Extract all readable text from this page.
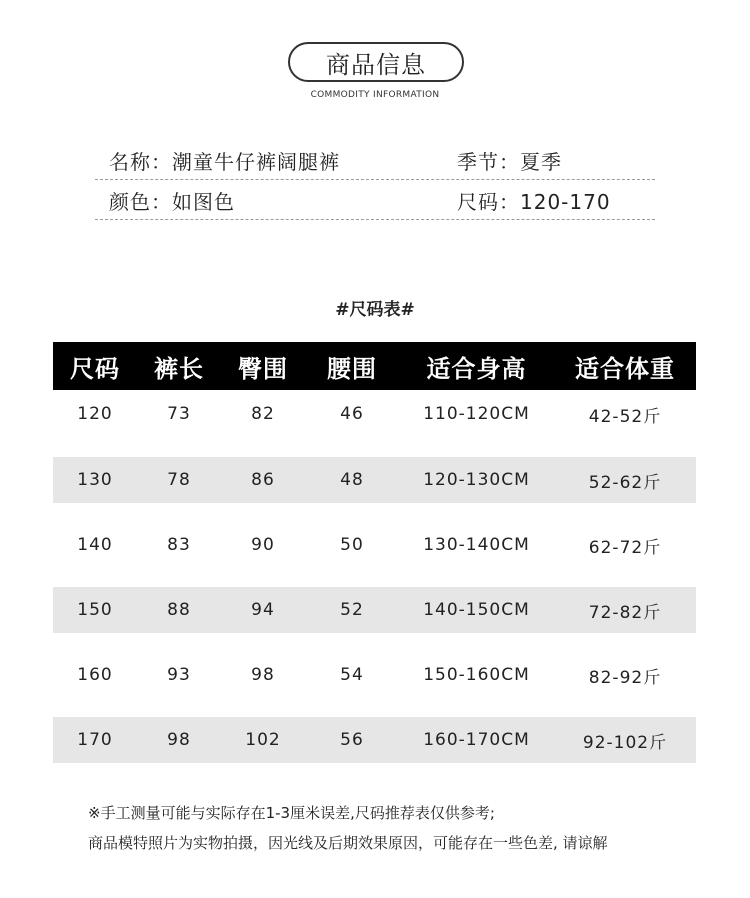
商品信息
COMMODITY INFORMATION
名称：潮童牛仔裤阔腿裤	季节：夏季
颜色：如图色	尺码：120-170
#尺码表#
尺码	裤长	臀围	腰围	适合身高	适合体重
120	73	82	46	110-120CM	42-52斤
130	78	86	48	120-130CM	52-62斤
140	83	90	50	130-140CM	62-72斤
150	88	94	52	140-150CM	72-82斤
160	93	98	54	150-160CM	82-92斤
170	98	102	56	160-170CM	92-102斤
※手工测量可能与实际存在1-3厘米误差,尺码推荐表仅供参考;
商品模特照片为实物拍摄，因光线及后期效果原因，可能存在一些色差, 请谅解
